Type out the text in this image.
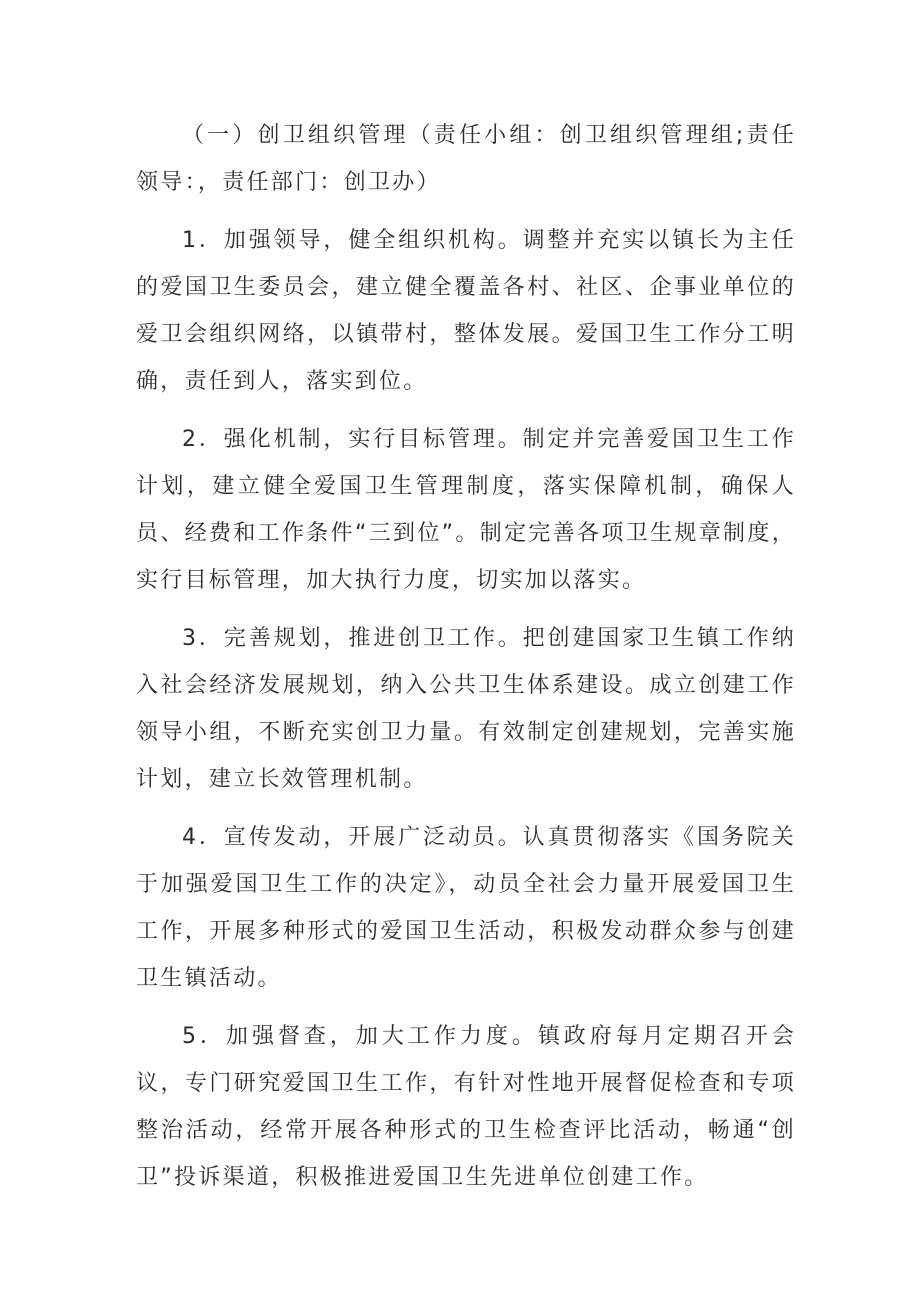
（一）创卫组织管理（责任小组：创卫组织管理组;责任领导：，责任部门：创卫办）

1．加强领导，健全组织机构。调整并充实以镇长为主任的爱国卫生委员会，建立健全覆盖各村、社区、企事业单位的爱卫会组织网络，以镇带村，整体发展。爱国卫生工作分工明确，责任到人，落实到位。

2．强化机制，实行目标管理。制定并完善爱国卫生工作计划，建立健全爱国卫生管理制度，落实保障机制，确保人员、经费和工作条件“三到位”。制定完善各项卫生规章制度，实行目标管理，加大执行力度，切实加以落实。

3．完善规划，推进创卫工作。把创建国家卫生镇工作纳入社会经济发展规划，纳入公共卫生体系建设。成立创建工作领导小组，不断充实创卫力量。有效制定创建规划，完善实施计划，建立长效管理机制。

4．宣传发动，开展广泛动员。认真贯彻落实《国务院关于加强爱国卫生工作的决定》，动员全社会力量开展爱国卫生工作，开展多种形式的爱国卫生活动，积极发动群众参与创建卫生镇活动。

5．加强督查，加大工作力度。镇政府每月定期召开会议，专门研究爱国卫生工作，有针对性地开展督促检查和专项整治活动，经常开展各种形式的卫生检查评比活动，畅通“创卫”投诉渠道，积极推进爱国卫生先进单位创建工作。
